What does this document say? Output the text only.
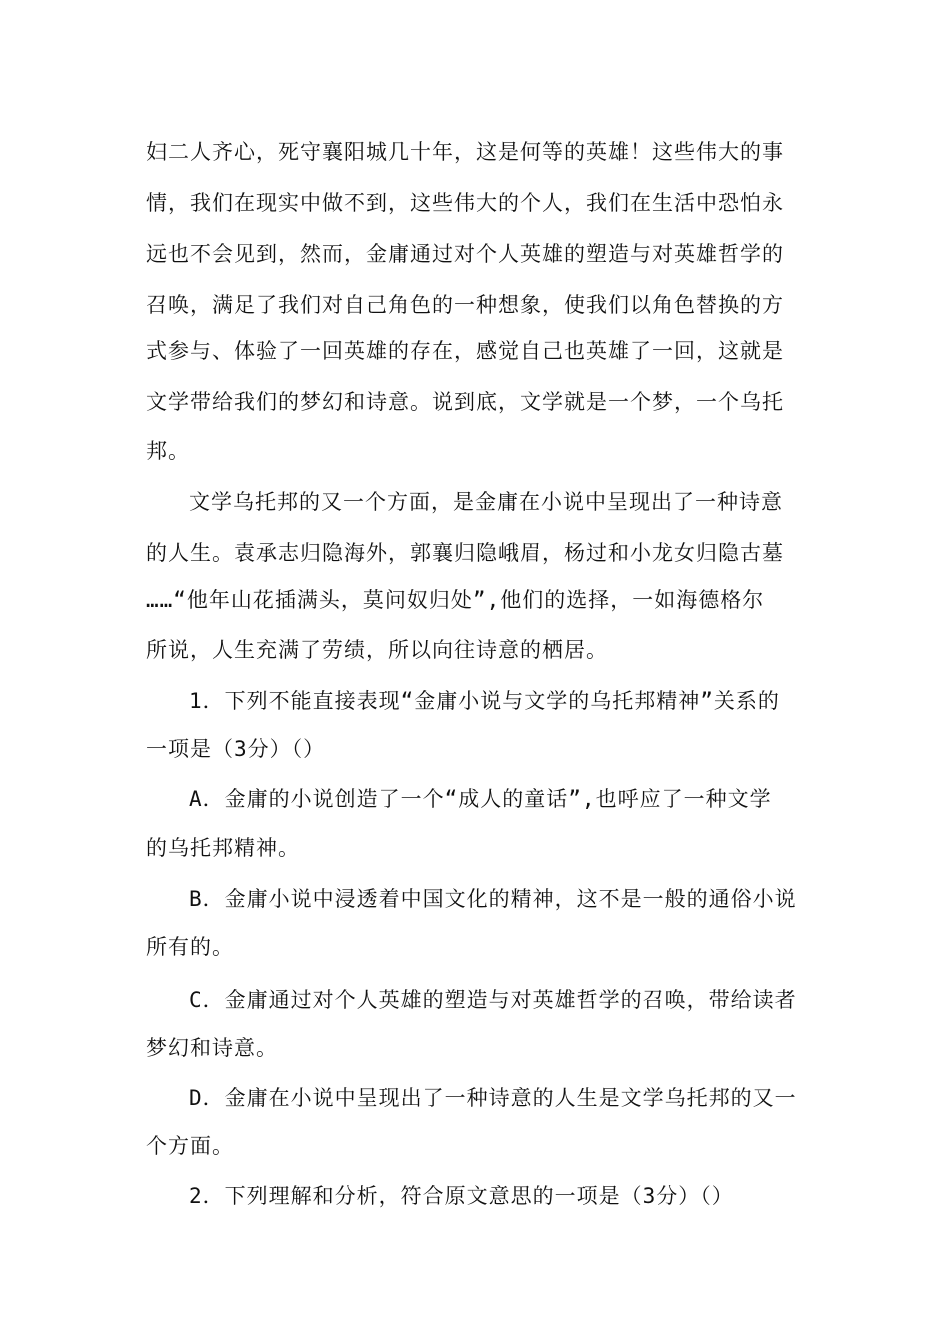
妇二人齐心，死守襄阳城几十年，这是何等的英雄！这些伟大的事
情，我们在现实中做不到，这些伟大的个人，我们在生活中恐怕永
远也不会见到，然而，金庸通过对个人英雄的塑造与对英雄哲学的
召唤，满足了我们对自己角色的一种想象，使我们以角色替换的方
式参与、体验了一回英雄的存在，感觉自己也英雄了一回，这就是
文学带给我们的梦幻和诗意。说到底，文学就是一个梦，一个乌托
邦。
文学乌托邦的又一个方面，是金庸在小说中呈现出了一种诗意
的人生。袁承志归隐海外，郭襄归隐峨眉，杨过和小龙女归隐古墓
……“他年山花插满头，莫问奴归处”,他们的选择，一如海德格尔
所说，人生充满了劳绩，所以向往诗意的栖居。
1．下列不能直接表现“金庸小说与文学的乌托邦精神”关系的
一项是（3分）（）
A．金庸的小说创造了一个“成人的童话”,也呼应了一种文学
的乌托邦精神。
B．金庸小说中浸透着中国文化的精神，这不是一般的通俗小说
所有的。
C．金庸通过对个人英雄的塑造与对英雄哲学的召唤，带给读者
梦幻和诗意。
D．金庸在小说中呈现出了一种诗意的人生是文学乌托邦的又一
个方面。
2．下列理解和分析，符合原文意思的一项是（3分）（）
